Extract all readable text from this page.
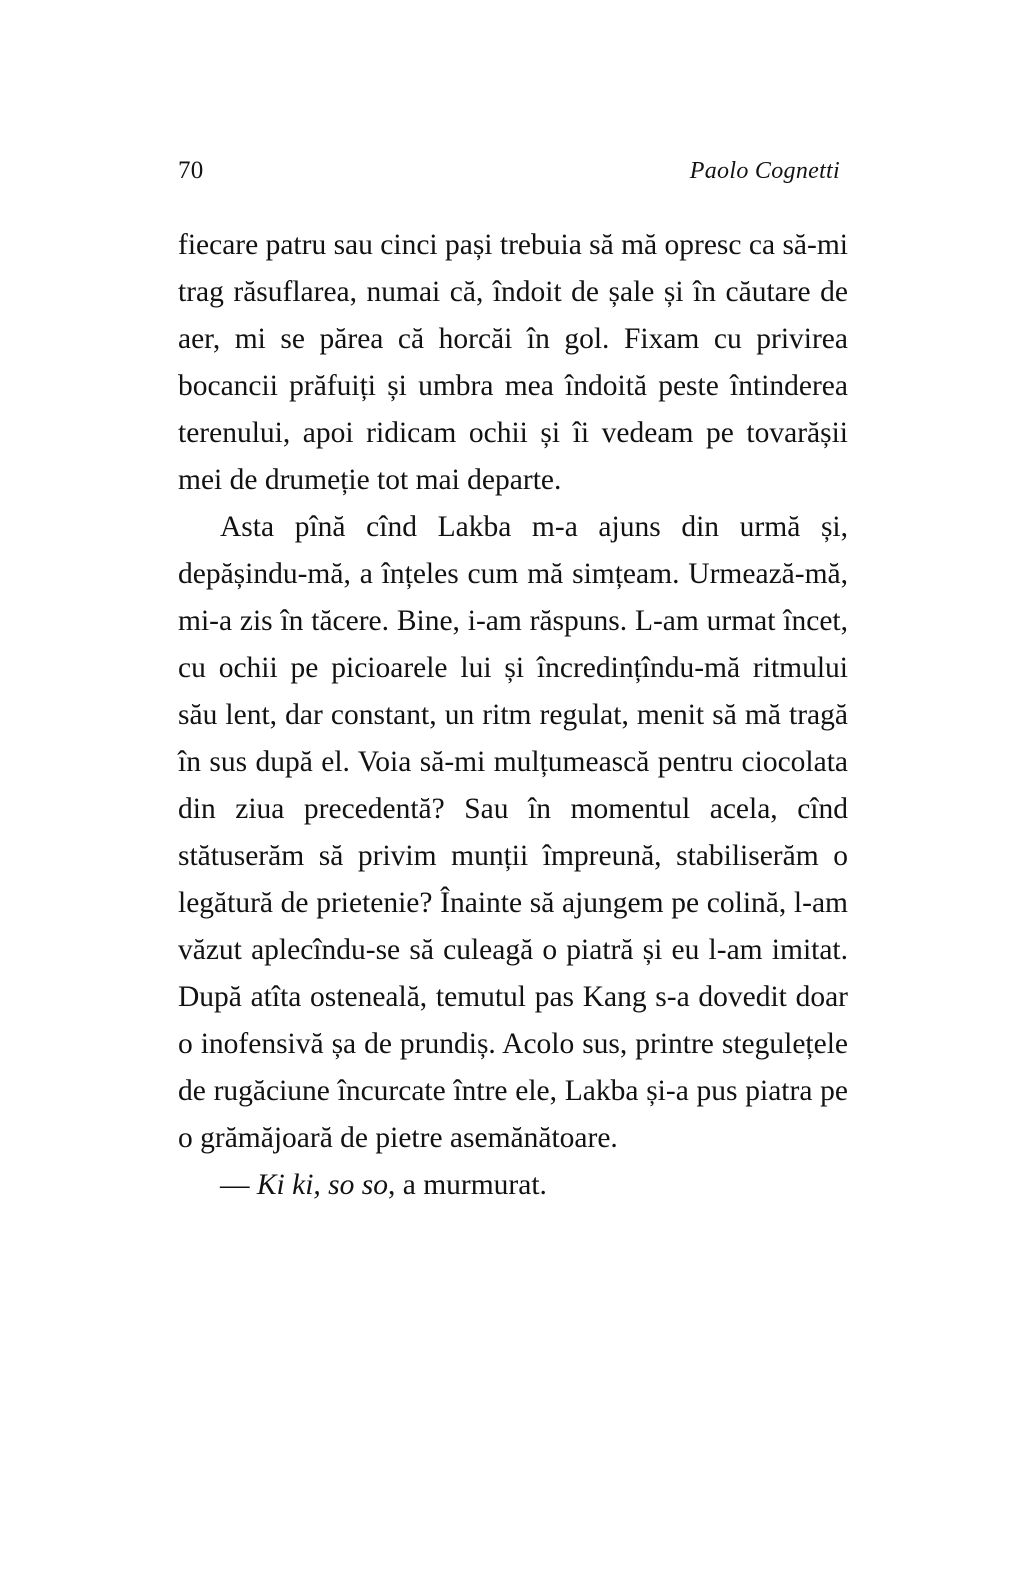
70	Paolo Cognetti

fiecare patru sau cinci pași trebuia să mă opresc ca să-mi trag răsuflarea, numai că, îndoit de șale și în căutare de aer, mi se părea că horcăi în gol. Fixam cu privirea bocancii prăfuiți și umbra mea îndoită peste întinderea terenului, apoi ridicam ochii și îi vedeam pe tovarășii mei de drumeție tot mai departe.

Asta pînă cînd Lakba m-a ajuns din urmă și, depășindu-mă, a înțeles cum mă simțeam. Urmează-mă, mi-a zis în tăcere. Bine, i-am răspuns. L-am urmat încet, cu ochii pe picioarele lui și încredințîndu-mă ritmului său lent, dar constant, un ritm regulat, menit să mă tragă în sus după el. Voia să-mi mulțumească pentru ciocolata din ziua precedentă? Sau în momentul acela, cînd stătuserăm să privim munții împreună, stabiliserăm o legătură de prietenie? Înainte să ajungem pe colină, l-am văzut aplecîndu-se să culeagă o piatră și eu l-am imitat. După atîta osteneală, temutul pas Kang s-a dovedit doar o inofensivă șa de prundiș. Acolo sus, printre stegulețele de rugăciune încurcate între ele, Lakba și-a pus piatra pe o grămăjoară de pietre asemănătoare.

— Ki ki, so so, a murmurat.
